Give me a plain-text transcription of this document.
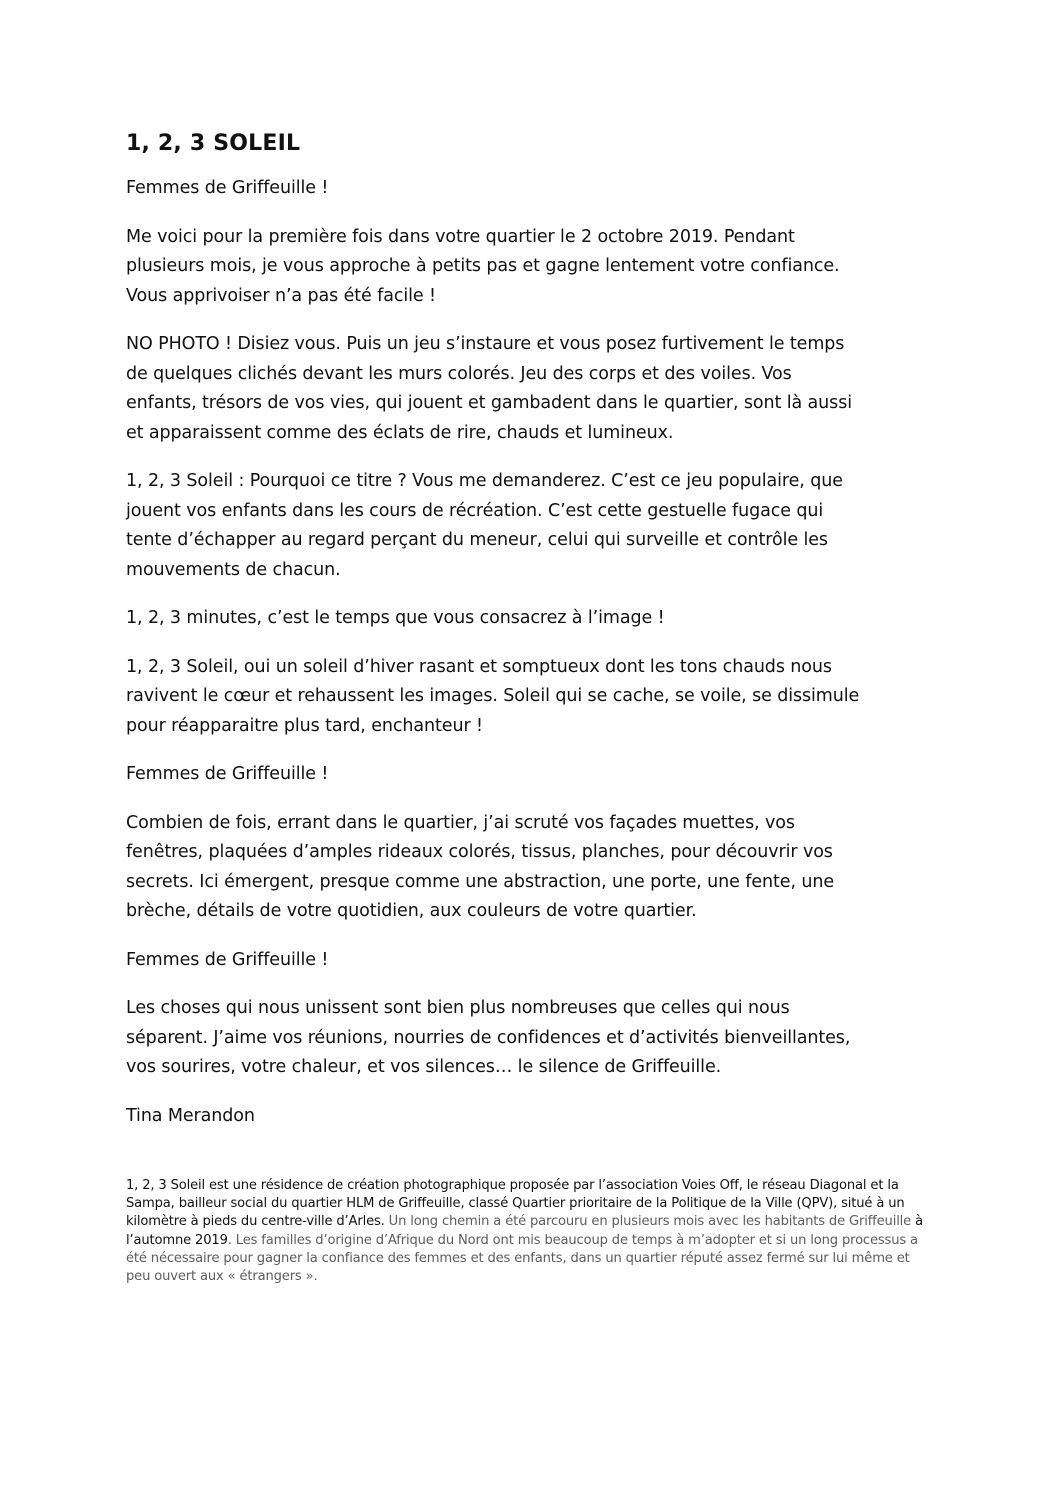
1, 2, 3 SOLEIL

Femmes de Griffeuille !

Me voici pour la première fois dans votre quartier le 2 octobre 2019. Pendant
plusieurs mois, je vous approche à petits pas et gagne lentement votre confiance.
Vous apprivoiser n’a pas été facile !

NO PHOTO ! Disiez vous. Puis un jeu s’instaure et vous posez furtivement le temps
de quelques clichés devant les murs colorés. Jeu des corps et des voiles. Vos
enfants, trésors de vos vies, qui jouent et gambadent dans le quartier, sont là aussi
et apparaissent comme des éclats de rire, chauds et lumineux.

1, 2, 3 Soleil : Pourquoi ce titre ? Vous me demanderez. C’est ce jeu populaire, que
jouent vos enfants dans les cours de récréation. C’est cette gestuelle fugace qui
tente d’échapper au regard perçant du meneur, celui qui surveille et contrôle les
mouvements de chacun.

1, 2, 3 minutes, c’est le temps que vous consacrez à l’image !

1, 2, 3 Soleil, oui un soleil d’hiver rasant et somptueux dont les tons chauds nous
ravivent le cœur et rehaussent les images. Soleil qui se cache, se voile, se dissimule
pour réapparaitre plus tard, enchanteur !

Femmes de Griffeuille !

Combien de fois, errant dans le quartier, j’ai scruté vos façades muettes, vos
fenêtres, plaquées d’amples rideaux colorés, tissus, planches, pour découvrir vos
secrets. Ici émergent, presque comme une abstraction, une porte, une fente, une
brèche, détails de votre quotidien, aux couleurs de votre quartier.

Femmes de Griffeuille !

Les choses qui nous unissent sont bien plus nombreuses que celles qui nous
séparent. J’aime vos réunions, nourries de confidences et d’activités bienveillantes,
vos sourires, votre chaleur, et vos silences… le silence de Griffeuille.

Tina Merandon

1, 2, 3 Soleil est une résidence de création photographique proposée par l’association Voies Off, le réseau Diagonal et la Sampa, bailleur social du quartier HLM de Griffeuille, classé Quartier prioritaire de la Politique de la Ville (QPV), situé à un kilomètre à pieds du centre-ville d’Arles. Un long chemin a été parcouru en plusieurs mois avec les habitants de Griffeuille à l’automne 2019. Les familles d’origine d’Afrique du Nord ont mis beaucoup de temps à m’adopter et si un long processus a été nécessaire pour gagner la confiance des femmes et des enfants, dans un quartier réputé assez fermé sur lui même et peu ouvert aux « étrangers ».
